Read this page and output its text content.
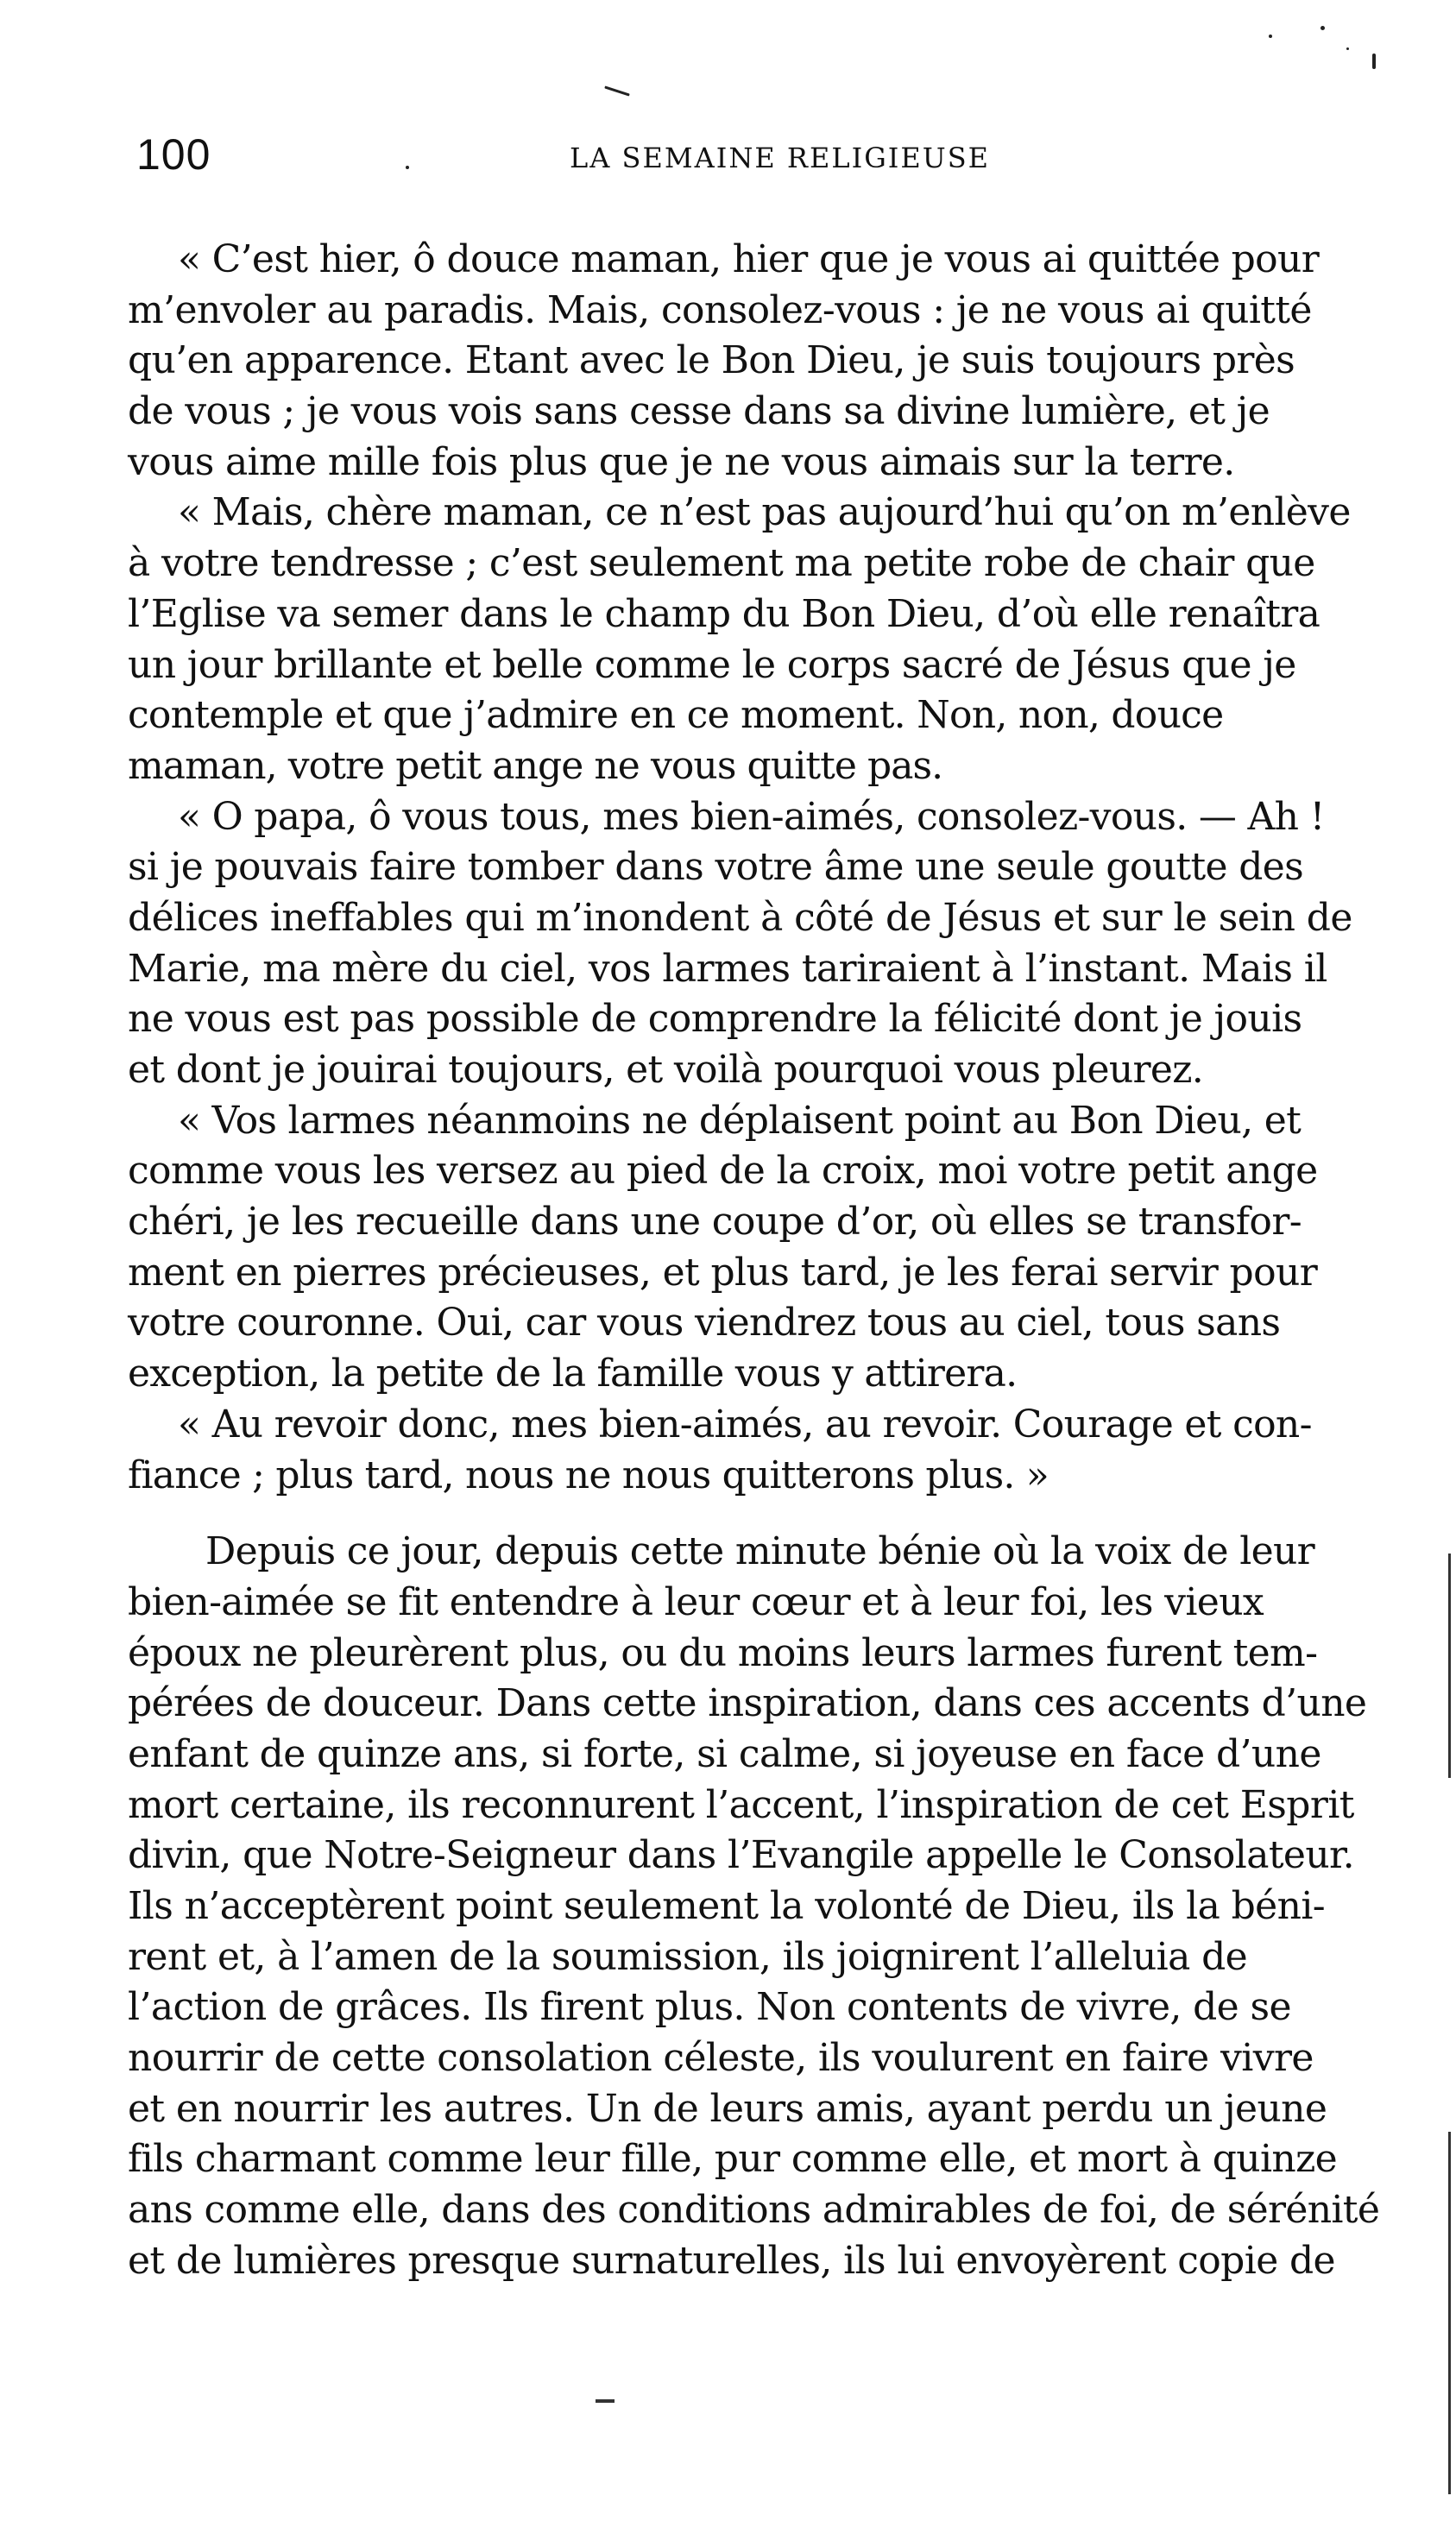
100	LA SEMAINE RELIGIEUSE
« C’est hier, ô douce maman, hier que je vous ai quittée pour
m’envoler au paradis. Mais, consolez-vous : je ne vous ai quitté
qu’en apparence. Etant avec le Bon Dieu, je suis toujours près
de vous ; je vous vois sans cesse dans sa divine lumière, et je
vous aime mille fois plus que je ne vous aimais sur la terre.
« Mais, chère maman, ce n’est pas aujourd’hui qu’on m’enlève
à votre tendresse ; c’est seulement ma petite robe de chair que
l’Eglise va semer dans le champ du Bon Dieu, d’où elle renaîtra
un jour brillante et belle comme le corps sacré de Jésus que je
contemple et que j’admire en ce moment. Non, non, douce
maman, votre petit ange ne vous quitte pas.
« O papa, ô vous tous, mes bien-aimés, consolez-vous. — Ah !
si je pouvais faire tomber dans votre âme une seule goutte des
délices ineffables qui m’inondent à côté de Jésus et sur le sein de
Marie, ma mère du ciel, vos larmes tariraient à l’instant. Mais il
ne vous est pas possible de comprendre la félicité dont je jouis
et dont je jouirai toujours, et voilà pourquoi vous pleurez.
« Vos larmes néanmoins ne déplaisent point au Bon Dieu, et
comme vous les versez au pied de la croix, moi votre petit ange
chéri, je les recueille dans une coupe d’or, où elles se transfor-
ment en pierres précieuses, et plus tard, je les ferai servir pour
votre couronne. Oui, car vous viendrez tous au ciel, tous sans
exception, la petite de la famille vous y attirera.
« Au revoir donc, mes bien-aimés, au revoir. Courage et con-
fiance ; plus tard, nous ne nous quitterons plus. »
Depuis ce jour, depuis cette minute bénie où la voix de leur
bien-aimée se fit entendre à leur cœur et à leur foi, les vieux
époux ne pleurèrent plus, ou du moins leurs larmes furent tem-
pérées de douceur. Dans cette inspiration, dans ces accents d’une
enfant de quinze ans, si forte, si calme, si joyeuse en face d’une
mort certaine, ils reconnurent l’accent, l’inspiration de cet Esprit
divin, que Notre-Seigneur dans l’Evangile appelle le Consolateur.
Ils n’acceptèrent point seulement la volonté de Dieu, ils la béni-
rent et, à l’amen de la soumission, ils joignirent l’alleluia de
l’action de grâces. Ils firent plus. Non contents de vivre, de se
nourrir de cette consolation céleste, ils voulurent en faire vivre
et en nourrir les autres. Un de leurs amis, ayant perdu un jeune
fils charmant comme leur fille, pur comme elle, et mort à quinze
ans comme elle, dans des conditions admirables de foi, de sérénité
et de lumières presque surnaturelles, ils lui envoyèrent copie de
